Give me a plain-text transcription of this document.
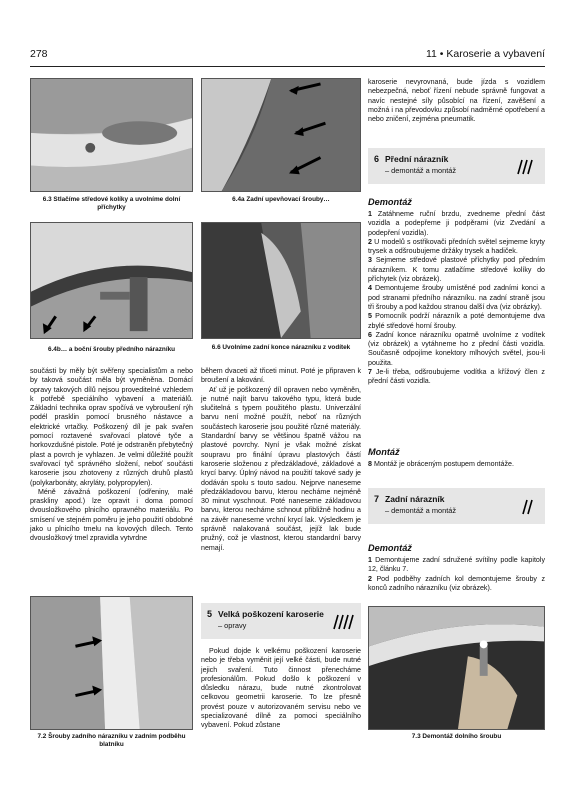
278	11 • Karoserie a vybavení
6.3 Stlačíme středové kolíky a uvolníme dolní příchytky
6.4a Zadní upevňovací šrouby…
6.4b… a boční šrouby předního nárazníku	6.6 Uvolníme zadní konce nárazníku z vodítek

součásti by měly být svěřeny specialistům a nebo by taková součást měla být vyměněna. Domácí opravy takových dílů nejsou proveditelné vzhledem k potřebě speciálního vybavení a materiálů. Základní technika oprav spočívá ve vybroušení rýh podél prasklin pomocí brusného nástavce a elektrické vrtačky. Poškozený díl je pak svařen pomocí roztavené svařovací platové tyče a horkovzdušné pistole. Poté je odstraněn přebytečný plast a povrch je vyhlazen. Je velmi důležité použít svařovací tyč správného složení, neboť součásti karoserie jsou zhotoveny z různých druhů plastů (polykarbonáty, akryláty, polypropylen).

Méně závažná poškození (odřeniny, malé praskliny apod.) lze opravit i doma pomocí dvousložkového plnicího opravného materiálu. Po smísení ve stejném poměru je jeho použití obdobné jako u plnicího tmelu na kovových dílech. Tento dvousložkový tmel zpravidla vytvrdne

7.2 Šrouby zadního nárazníku v zadním podběhu blatníku

během dvaceti až třiceti minut. Poté je připraven k broušení a lakování.

Ať už je poškozený díl opraven nebo vyměněn, je nutné najít barvu takového typu, která bude slučitelná s typem použitého plastu. Univerzální barvu není možné použít, neboť na různých součástech karoserie jsou použité různé materiály. Standardní barvy se většinou špatně vážou na plastové povrchy. Nyní je však možné získat soupravu pro finální úpravu plastových částí karoserie složenou z předzákladové, základové a krycí barvy. Úplný návod na použití takové sady je dodáván spolu s touto sadou. Nejprve naneseme předzákladovou barvu, kterou necháme nejméně 30 minut vyschnout. Poté naneseme základovou barvu, kterou necháme schnout přibližně hodinu a na závěr naneseme vrchní krycí lak. Výsledkem je správně nalakovaná součást, jejíž lak bude pružný, což je vlastnost, kterou standardní barvy nemají.

5 Velká poškození karoserie
– opravy

Pokud dojde k velkému poškození karoserie nebo je třeba vyměnit její velké části, bude nutné jejich svaření. Tuto činnost přenecháme profesionálům. Pokud došlo k poškození v důsledku nárazu, bude nutné zkontrolovat celkovou geometrii karoserie. To lze přesně provést pouze v autorizovaném servisu nebo ve specializované dílně za pomoci speciálního vybavení. Pokud zůstane

karoserie nevyrovnaná, bude jízda s vozidlem nebezpečná, neboť řízení nebude správně fungovat a navíc nestejné síly působící na řízení, zavěšení a možná i na převodovku způsobí nadměrné opotřebení a nebo zničení, zejména pneumatik.

6 Přední nárazník
– demontáž a montáž
Demontáž

1 Zatáhneme ruční brzdu, zvedneme přední část vozidla a podepřeme ji podpěrami (viz Zvedání a podepření vozidla).

2 U modelů s ostřikovači předních světel sejmeme kryty trysek a odšroubujeme držáky trysek a hadiček.

3 Sejmeme středové plastové příchytky pod předním nárazníkem. K tomu zatlačíme středové kolíky do příchytek (viz obrázek).

4 Demontujeme šrouby umístěné pod zadními konci a pod stranami předního nárazníku. na zadní straně jsou tři šrouby a pod každou stranou další dva (viz obrázky).

5 Pomocník podrží nárazník a poté demontujeme dva zbylé středové horní šrouby.

6 Zadní konce nárazníku opatrně uvolníme z vodítek (viz obrázek) a vytáhneme ho z přední části vozidla. Současně odpojíme konektory mlhových světel, jsou-li použita.

7 Je-li třeba, odšroubujeme vodítka a křížový člen z přední části vozidla.

Montáž

8 Montáž je obráceným postupem demontáže.

7 Zadní nárazník
– demontáž a montáž
Demontáž

1 Demontujeme zadní sdružené svítilny podle kapitoly 12, článku 7.

2 Pod podběhy zadních kol demontujeme šrouby z konců zadního nárazníku (viz obrázek).

7.3 Demontáž dolního šroubu
